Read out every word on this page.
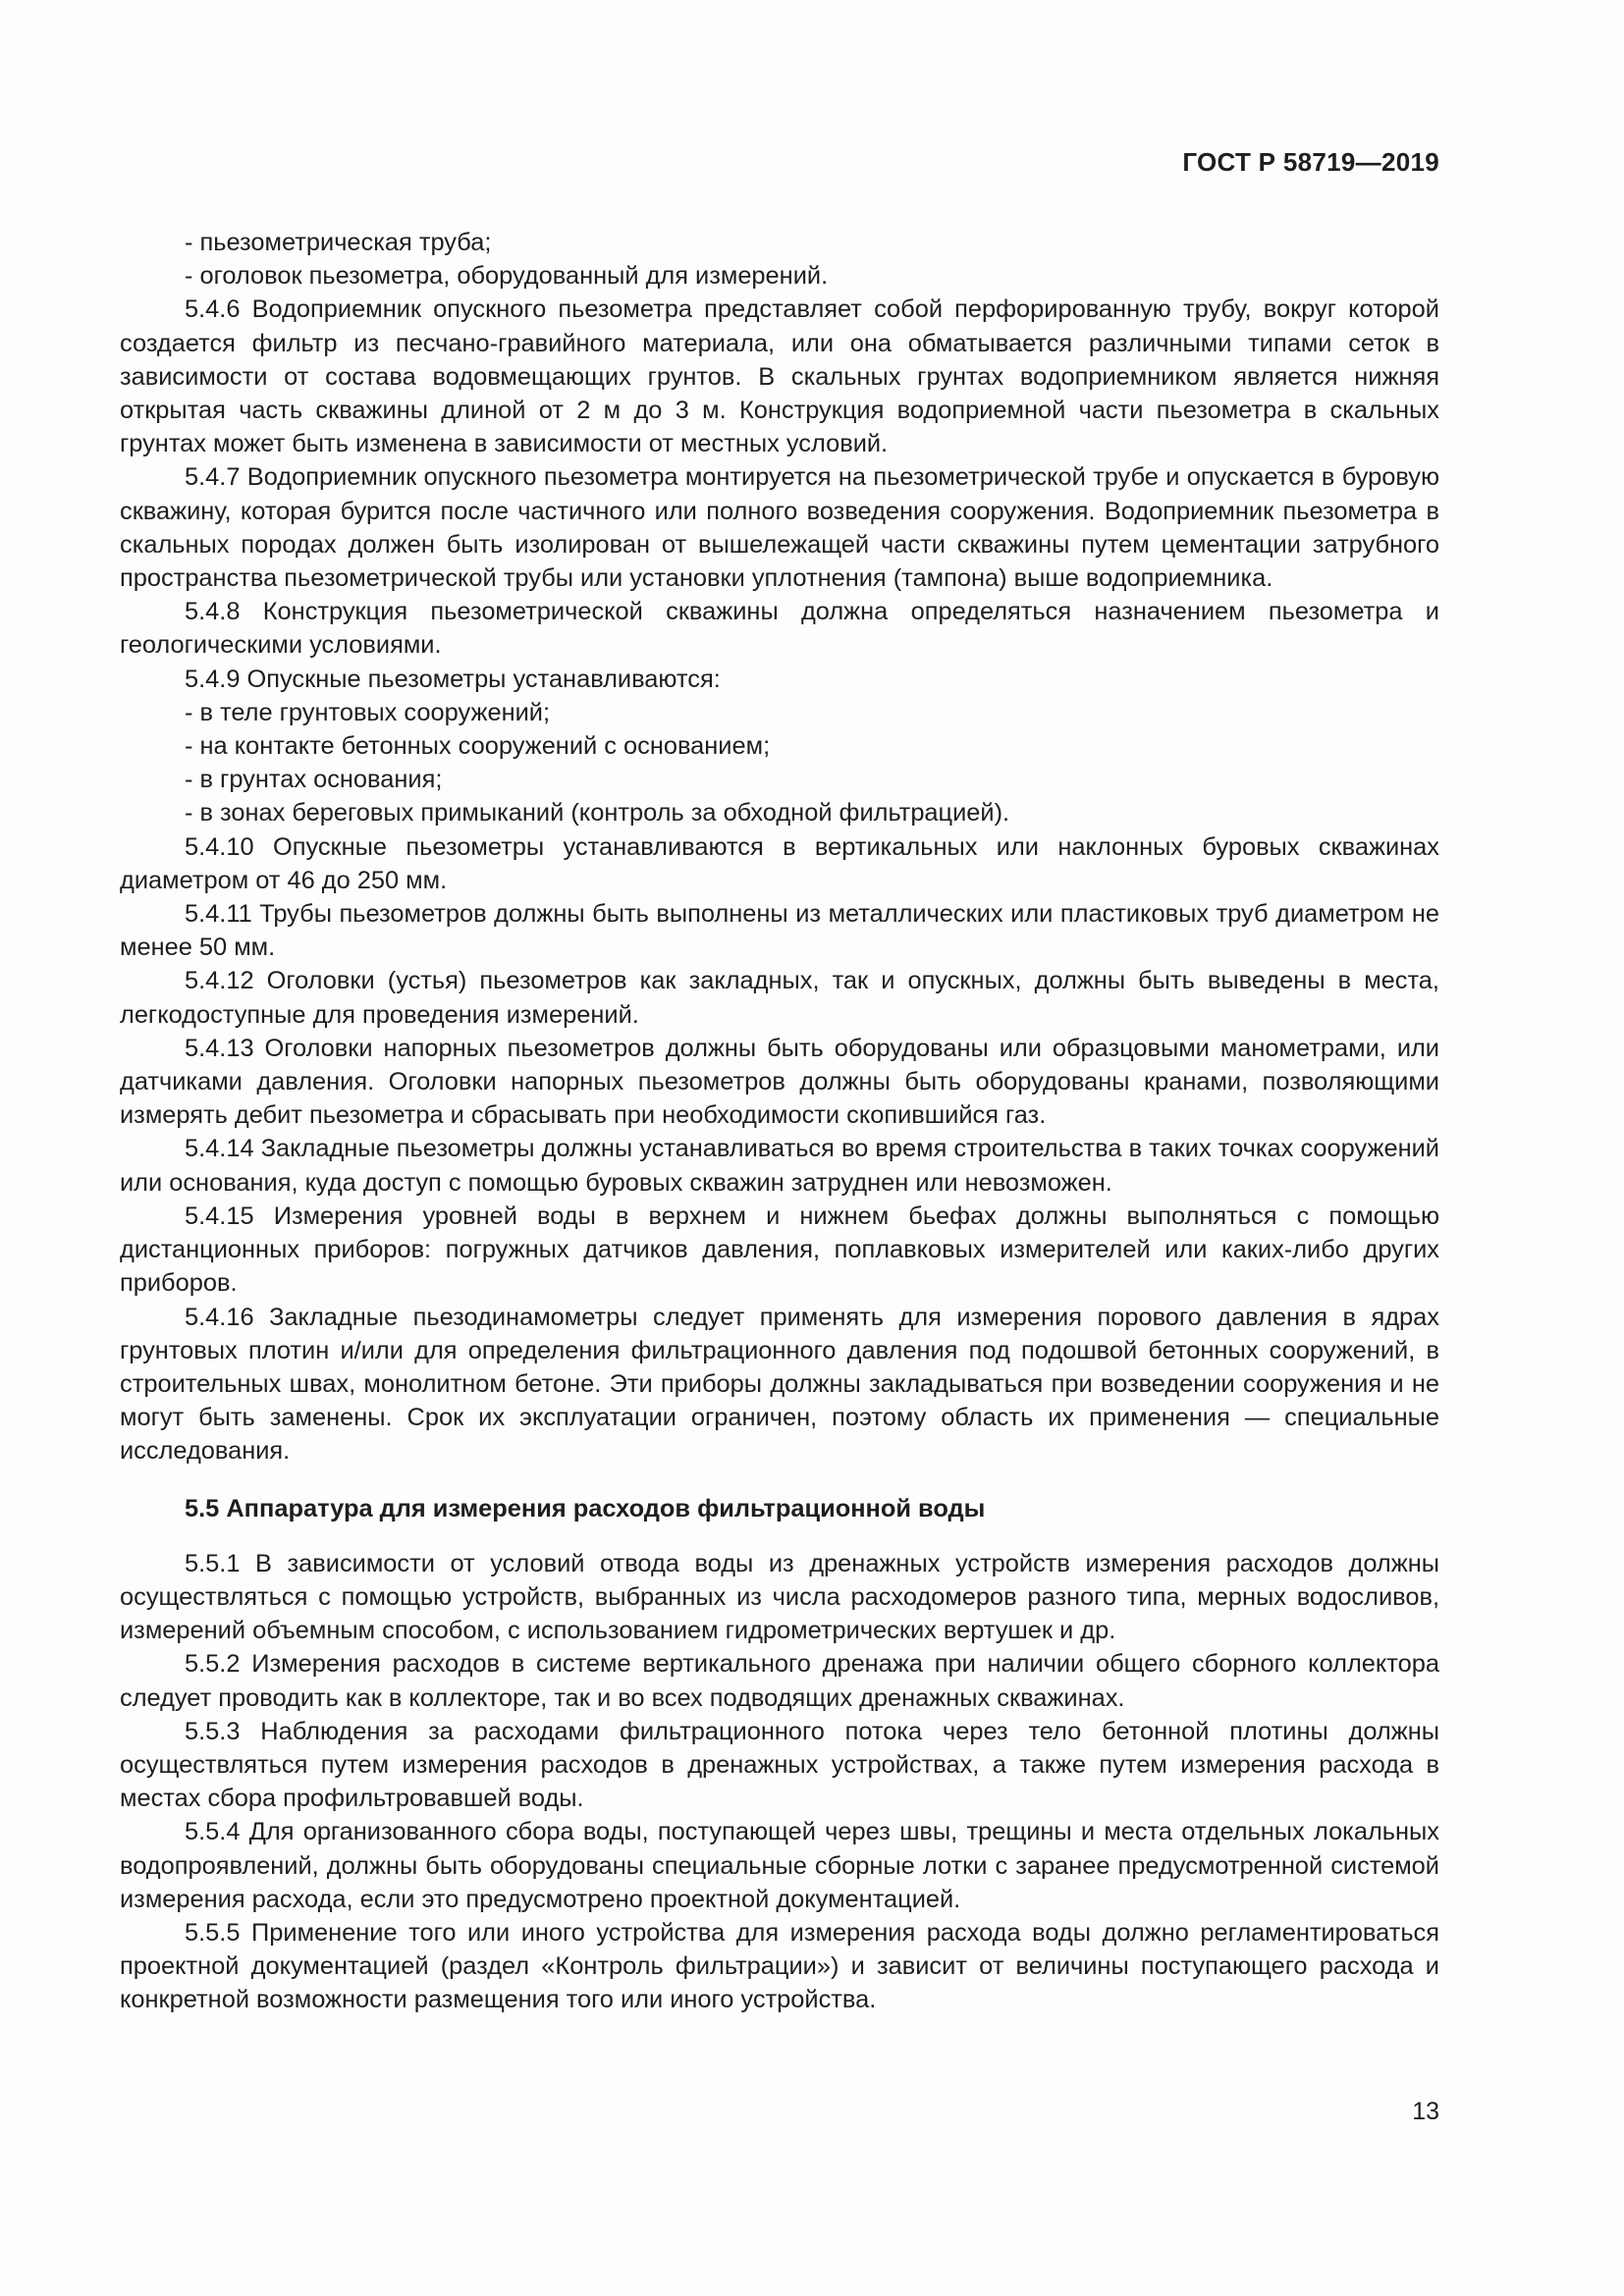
ГОСТ Р 58719—2019

- пьезометрическая труба;

- оголовок пьезометра, оборудованный для измерений.

5.4.6 Водоприемник опускного пьезометра представляет собой перфорированную трубу, вокруг которой создается фильтр из песчано-гравийного материала, или она обматывается различными типами сеток в зависимости от состава водовмещающих грунтов. В скальных грунтах водоприемником является нижняя открытая часть скважины длиной от 2 м до 3 м. Конструкция водоприемной части пьезометра в скальных грунтах может быть изменена в зависимости от местных условий.

5.4.7 Водоприемник опускного пьезометра монтируется на пьезометрической трубе и опускается в буровую скважину, которая бурится после частичного или полного возведения сооружения. Водоприемник пьезометра в скальных породах должен быть изолирован от вышележащей части скважины путем цементации затрубного пространства пьезометрической трубы или установки уплотнения (тампона) выше водоприемника.

5.4.8 Конструкция пьезометрической скважины должна определяться назначением пьезометра и геологическими условиями.

5.4.9 Опускные пьезометры устанавливаются:

- в теле грунтовых сооружений;

- на контакте бетонных сооружений с основанием;

- в грунтах основания;

- в зонах береговых примыканий (контроль за обходной фильтрацией).

5.4.10 Опускные пьезометры устанавливаются в вертикальных или наклонных буровых скважинах диаметром от 46 до 250 мм.

5.4.11 Трубы пьезометров должны быть выполнены из металлических или пластиковых труб диаметром не менее 50 мм.

5.4.12 Оголовки (устья) пьезометров как закладных, так и опускных, должны быть выведены в места, легкодоступные для проведения измерений.

5.4.13 Оголовки напорных пьезометров должны быть оборудованы или образцовыми манометрами, или датчиками давления. Оголовки напорных пьезометров должны быть оборудованы кранами, позволяющими измерять дебит пьезометра и сбрасывать при необходимости скопившийся газ.

5.4.14 Закладные пьезометры должны устанавливаться во время строительства в таких точках сооружений или основания, куда доступ с помощью буровых скважин затруднен или невозможен.

5.4.15 Измерения уровней воды в верхнем и нижнем бьефах должны выполняться с помощью дистанционных приборов: погружных датчиков давления, поплавковых измерителей или каких-либо других приборов.

5.4.16 Закладные пьезодинамометры следует применять для измерения порового давления в ядрах грунтовых плотин и/или для определения фильтрационного давления под подошвой бетонных сооружений, в строительных швах, монолитном бетоне. Эти приборы должны закладываться при возведении сооружения и не могут быть заменены. Срок их эксплуатации ограничен, поэтому область их применения — специальные исследования.

5.5 Аппаратура для измерения расходов фильтрационной воды

5.5.1 В зависимости от условий отвода воды из дренажных устройств измерения расходов должны осуществляться с помощью устройств, выбранных из числа расходомеров разного типа, мерных водосливов, измерений объемным способом, с использованием гидрометрических вертушек и др.

5.5.2 Измерения расходов в системе вертикального дренажа при наличии общего сборного коллектора следует проводить как в коллекторе, так и во всех подводящих дренажных скважинах.

5.5.3 Наблюдения за расходами фильтрационного потока через тело бетонной плотины должны осуществляться путем измерения расходов в дренажных устройствах, а также путем измерения расхода в местах сбора профильтровавшей воды.

5.5.4 Для организованного сбора воды, поступающей через швы, трещины и места отдельных локальных водопроявлений, должны быть оборудованы специальные сборные лотки с заранее предусмотренной системой измерения расхода, если это предусмотрено проектной документацией.

5.5.5 Применение того или иного устройства для измерения расхода воды должно регламентироваться проектной документацией (раздел «Контроль фильтрации») и зависит от величины поступающего расхода и конкретной возможности размещения того или иного устройства.

13
